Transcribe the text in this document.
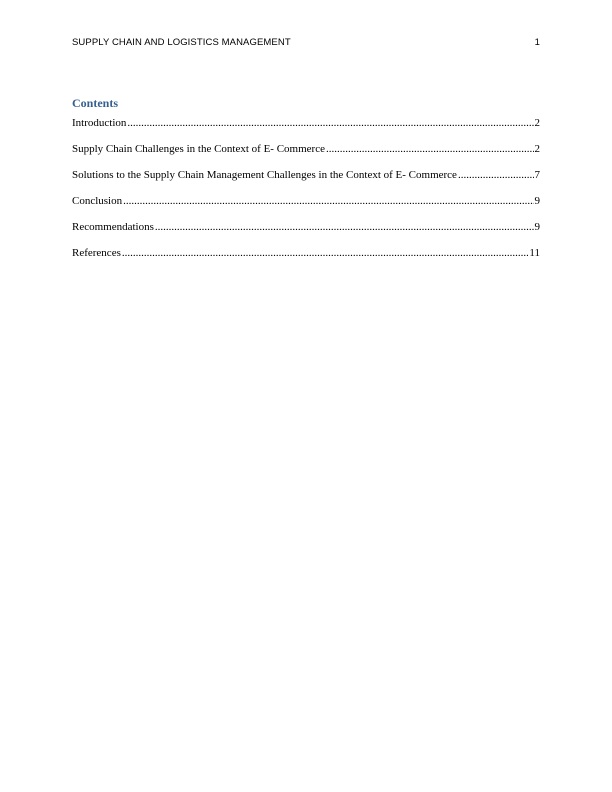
SUPPLY CHAIN AND LOGISTICS MANAGEMENT	1
Contents
Introduction .....	2
Supply Chain Challenges in the Context of E- Commerce .....	2
Solutions to the Supply Chain Management Challenges in the Context of E- Commerce .....	7
Conclusion .....	9
Recommendations .....	9
References .....	11
